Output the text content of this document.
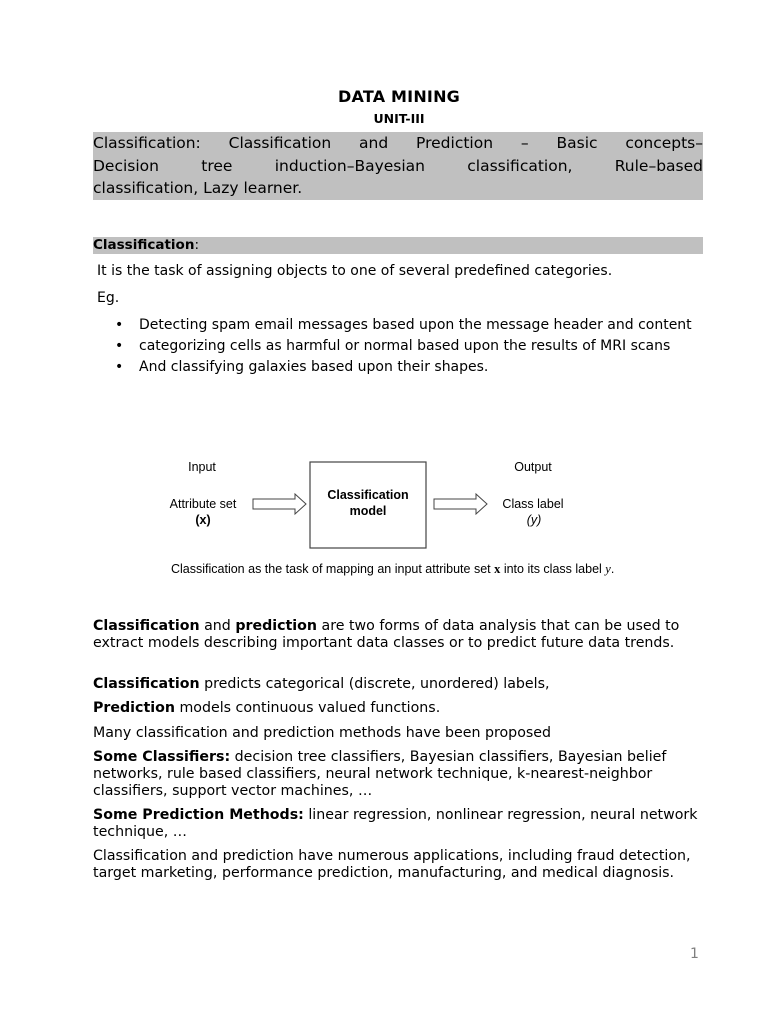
DATA MINING
UNIT-III
Classification: Classification and Prediction – Basic concepts–
Decision tree induction–Bayesian classification, Rule–based
classification, Lazy learner.
Classification:
It is the task of assigning objects to one of several predefined categories.
Eg.
• Detecting spam email messages based upon the message header and content
• categorizing cells as harmful or normal based upon the results of MRI scans
• And classifying galaxies based upon their shapes.
Input
Attribute set
(x)
Classification
model
Output
Class label
(y)
Classification as the task of mapping an input attribute set x into its class label y.
Classification and prediction are two forms of data analysis that can be used to extract models describing important data classes or to predict future data trends.
Classification predicts categorical (discrete, unordered) labels,
Prediction models continuous valued functions.
Many classification and prediction methods have been proposed
Some Classifiers: decision tree classifiers, Bayesian classifiers, Bayesian belief networks, rule based classifiers, neural network technique, k-nearest-neighbor classifiers, support vector machines, …
Some Prediction Methods: linear regression, nonlinear regression, neural network technique, …
Classification and prediction have numerous applications, including fraud detection, target marketing, performance prediction, manufacturing, and medical diagnosis.
1
